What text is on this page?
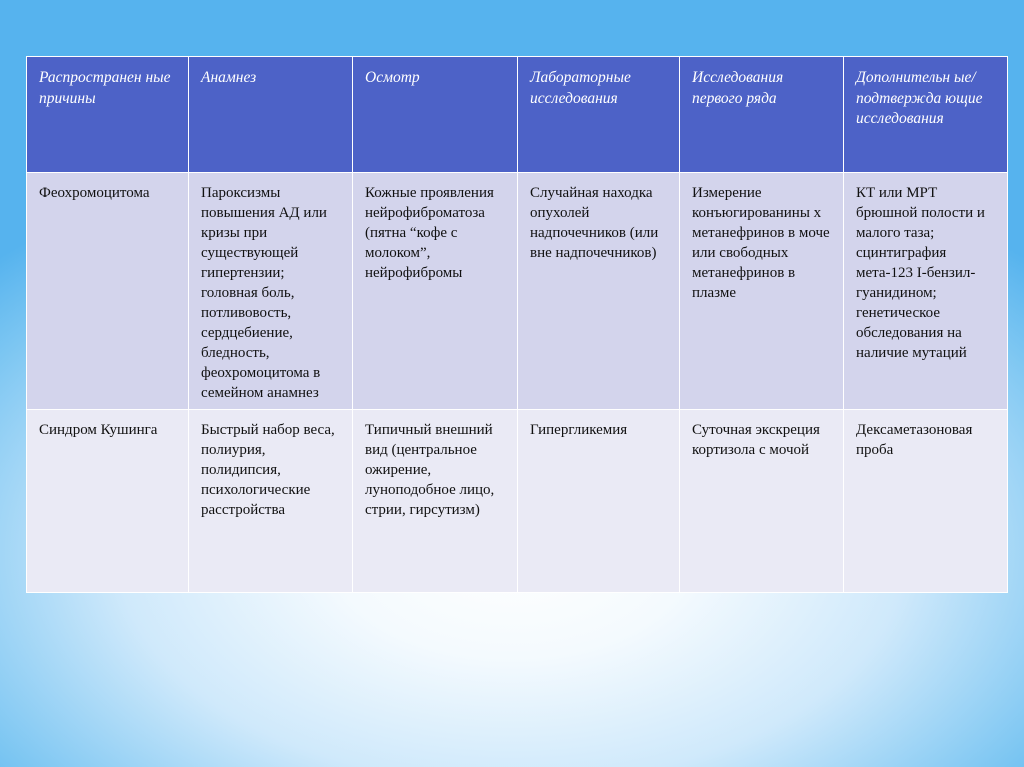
Распространен ные причины	Анамнез	Осмотр	Лабораторные исследования	Исследования первого ряда	Дополнительн ые/подтвержда ющие исследования
Феохромоцитома	Пароксизмы повышения АД или кризы при существующей гипертензии; головная боль, потливовость, сердцебиение, бледность, феохромоцитома в семейном анамнез	Кожные проявления нейрофиброматоза (пятна “кофе с молоком”, нейрофибромы	Случайная находка опухолей надпочечников (или вне надпочечников)	Измерение конъюгированины х метанефринов в моче или свободных метанефринов в плазме	КТ или МРТ брюшной полости и малого таза; сцинтиграфия мета-123 I-бензил-гуанидином; генетическое обследования на наличие мутаций
Синдром Кушинга	Быстрый набор веса, полиурия, полидипсия, психологические расстройства	Типичный внешний вид (центральное ожирение, луноподобное лицо, стрии, гирсутизм)	Гипергликемия	Суточная экскреция кортизола с мочой	Дексаметазоновая проба
